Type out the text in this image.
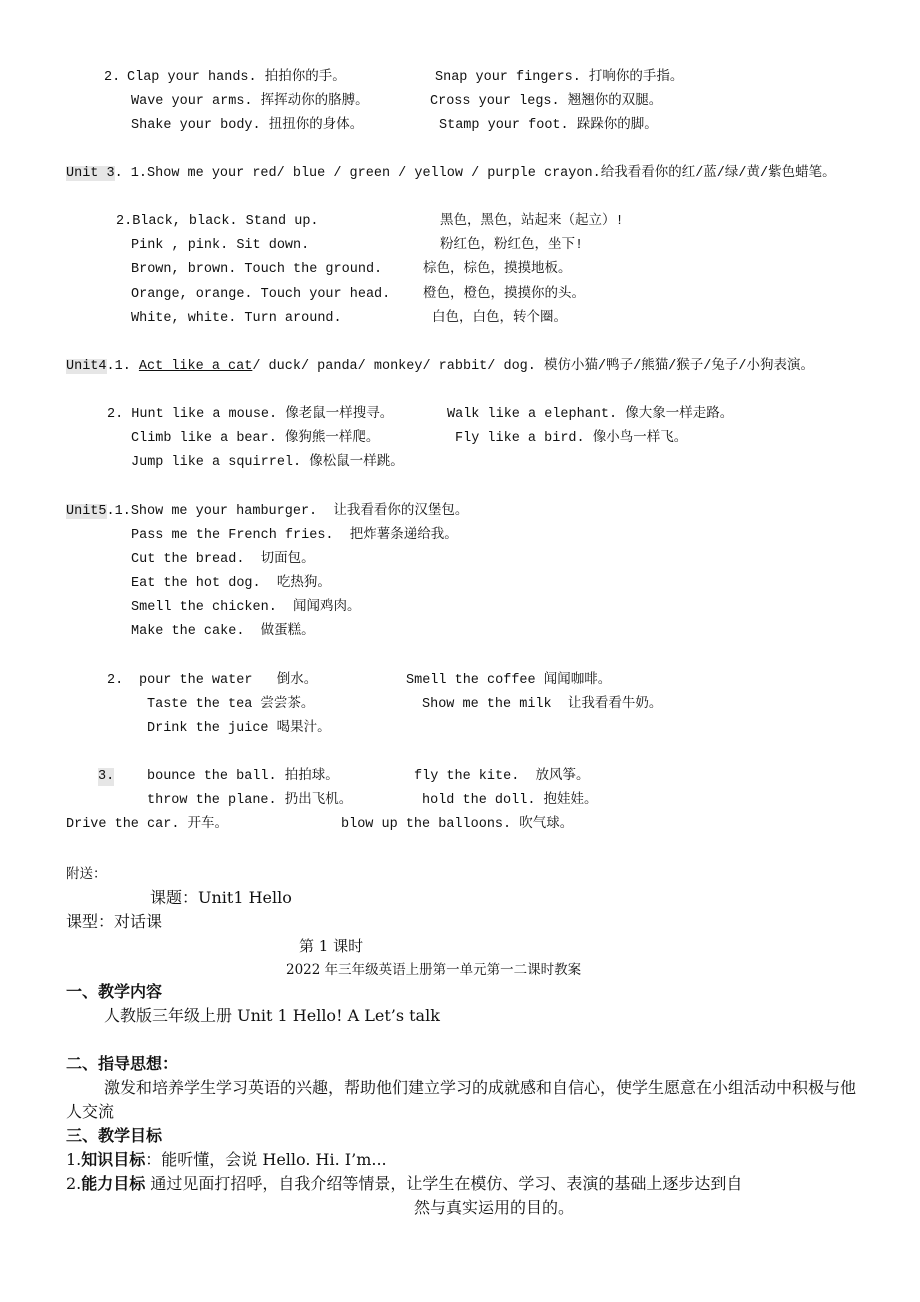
2. Clap your hands. 拍拍你的手。	Snap your fingers. 打响你的手指。
Wave your arms. 挥挥动你的胳膊。	Cross your legs. 翘翘你的双腿。
Shake your body. 扭扭你的身体。	Stamp your foot. 跺跺你的脚。
Unit 3. 1.Show me your red/ blue / green / yellow / purple crayon.给我看看你的红/蓝/绿/黄/紫色蜡笔。
2.Black, black. Stand up.	黑色，黑色，站起来（起立）!
Pink , pink. Sit down.	粉红色，粉红色，坐下!
Brown, brown. Touch the ground.	棕色，棕色，摸摸地板。
Orange, orange. Touch your head. 橙色，橙色，摸摸你的头。
White, white. Turn around.	白色，白色，转个圈。
Unit4.1. Act like a cat/ duck/ panda/ monkey/ rabbit/ dog. 模仿小猫/鸭子/熊猫/猴子/兔子/小狗表演。
2. Hunt like a mouse. 像老鼠一样搜寻。	Walk like a elephant. 像大象一样走路。
Climb like a bear. 像狗熊一样爬。	Fly like a bird. 像小鸟一样飞。
Jump like a squirrel. 像松鼠一样跳。
Unit5.1.Show me your hamburger.  让我看看你的汉堡包。
Pass me the French fries.  把炸薯条递给我。
Cut the bread.  切面包。
Eat the hot dog.  吃热狗。
Smell the chicken.  闻闻鸡肉。
Make the cake.  做蛋糕。
2. pour the water   倒水。	Smell the coffee 闻闻咖啡。
Taste the tea 尝尝茶。	Show me the milk  让我看看牛奶。
Drink the juice 喝果汁。
3. bounce the ball. 拍拍球。	fly the kite.  放风筝。
throw the plane. 扔出飞机。	hold the doll. 抱娃娃。
Drive the car. 开车。	blow up the balloons. 吹气球。
附送：
课题：Unit1 Hello
课型：对话课
第 1 课时
2022 年三年级英语上册第一单元第一二课时教案
一、教学内容
人教版三年级上册 Unit 1 Hello! A Let’s talk
二、指导思想：
激发和培养学生学习英语的兴趣，帮助他们建立学习的成就感和自信心，使学生愿意在小组活动中积极与他人交流
三、教学目标
1.知识目标：能听懂，会说 Hello. Hi. I’m...
2.能力目标 通过见面打招呼，自我介绍等情景，让学生在模仿、学习、表演的基础上逐步达到自
然与真实运用的目的。
